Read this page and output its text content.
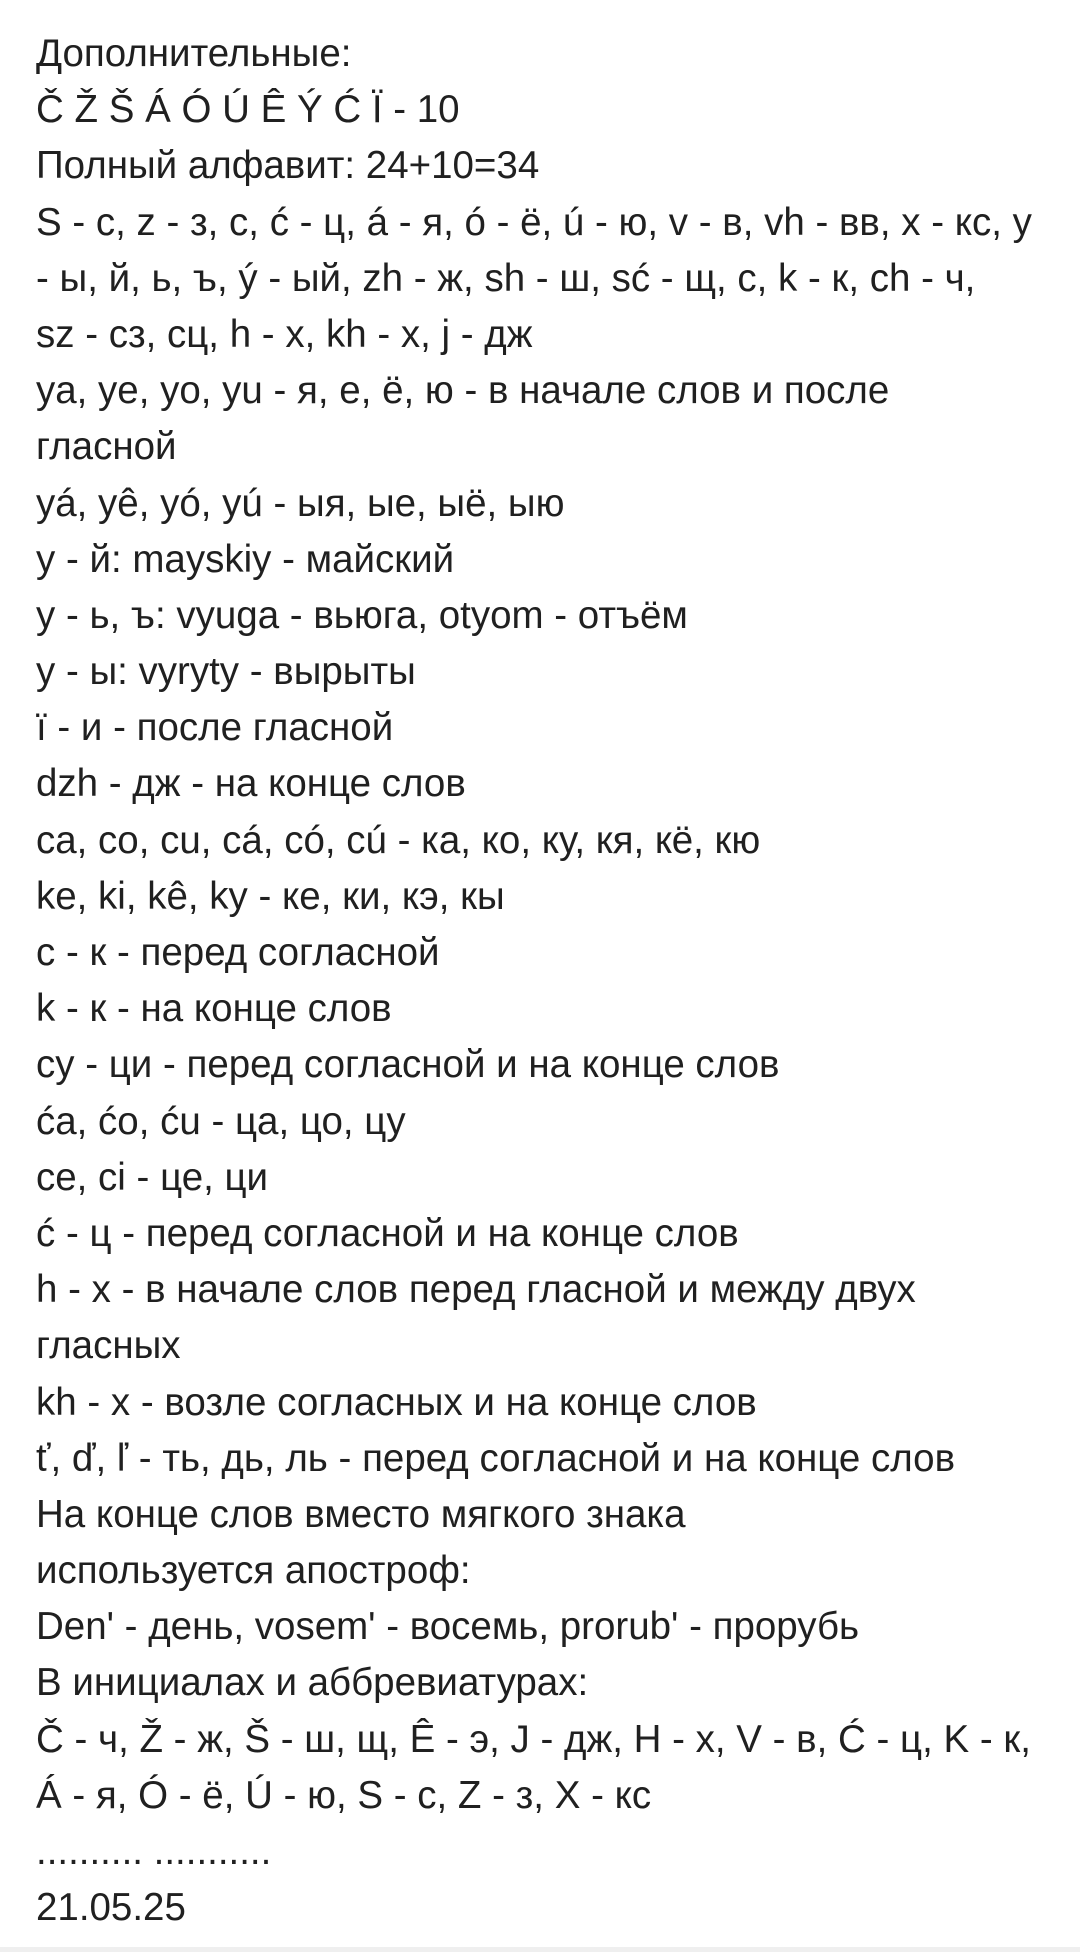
Дополнительные:
Č Ž Š Á Ó Ú Ê Ý Ć Ï - 10
Полный алфавит: 24+10=34
S - с, z - з, c, ć - ц, á - я, ó - ё, ú - ю, v - в, vh - вв, x - кс, y
- ы, й, ь, ъ, ý - ый, zh - ж, sh - ш, sć - щ, c, k - к, ch - ч,
sz - сз, сц, h - х, kh - х, j - дж
ya, ye, yo, yu - я, е, ё, ю - в начале слов и после
гласной
yá, yê, yó, yú - ыя, ые, ыё, ыю
y - й: mayskiy - майский
y - ь, ъ: vyuga - вьюга, otyom - отъём
y - ы: vyryty - вырыты
ï - и - после гласной
dzh - дж - на конце слов
ca, co, cu, cá, có, cú - ка, ко, ку, кя, кё, кю
ke, ki, kê, ky - ке, ки, кэ, кы
c - к - перед согласной
k - к - на конце слов
cy - ци - перед согласной и на конце слов
ća, ćo, ću - ца, цо, цу
ce, ci - це, ци
ć - ц - перед согласной и на конце слов
h - х - в начале слов перед гласной и между двух
гласных
kh - х - возле согласных и на конце слов
ť, ď, ľ - ть, дь, ль - перед согласной и на конце слов
На конце слов вместо мягкого знака
используется апостроф:
Den' - день, vosem' - восемь, prorub' - прорубь
В инициалах и аббревиатурах:
Č - ч, Ž - ж, Š - ш, щ, Ê - э, J - дж, H - х, V - в, Ć - ц, K - к,
Á - я, Ó - ё, Ú - ю, S - с, Z - з, X - кс
.......... ...........
21.05.25
